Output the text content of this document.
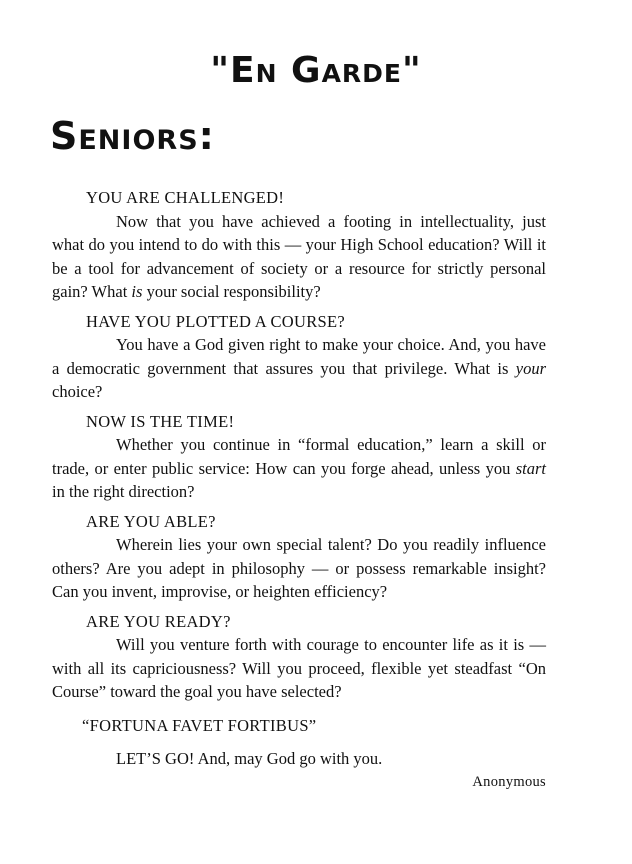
"En Garde"
Seniors:

YOU ARE CHALLENGED!

Now that you have achieved a footing in intellectuality, just what do you intend to do with this — your High School education? Will it be a tool for advancement of society or a resource for strictly personal gain? What is your social responsibility?

HAVE YOU PLOTTED A COURSE?

You have a God given right to make your choice. And, you have a democratic government that assures you that privilege. What is your choice?

NOW IS THE TIME!

Whether you continue in “formal education,” learn a skill or trade, or enter public service: How can you forge ahead, unless you start in the right direction?

ARE YOU ABLE?

Wherein lies your own special talent? Do you readily influence others? Are you adept in philosophy — or possess remarkable insight? Can you invent, improvise, or heighten efficiency?

ARE YOU READY?

Will you venture forth with courage to encounter life as it is — with all its capriciousness? Will you proceed, flexible yet steadfast “On Course” toward the goal you have selected?

“FORTUNA FAVET FORTIBUS”

LET’S GO! And, may God go with you.

Anonymous
